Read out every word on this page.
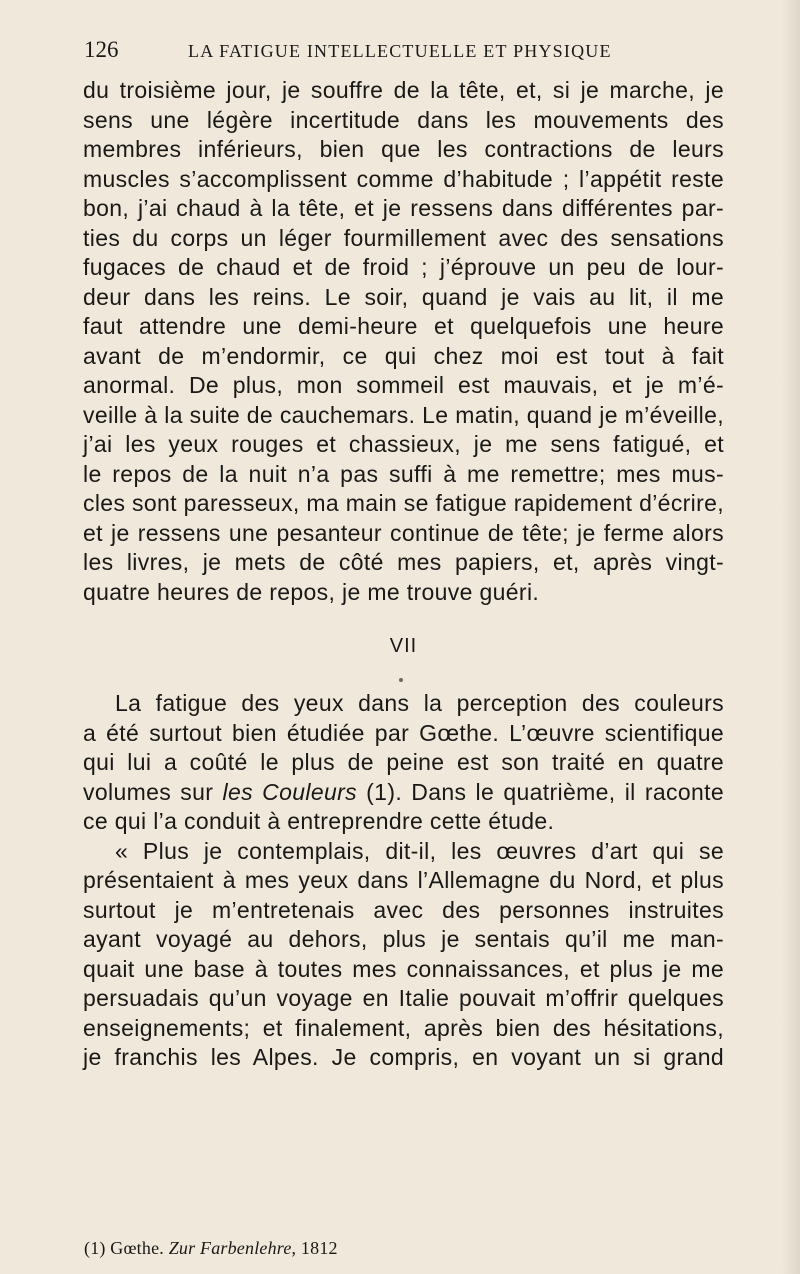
126	LA FATIGUE INTELLECTUELLE ET PHYSIQUE
du troisième jour, je souffre de la tête, et, si je marche, je
sens une légère incertitude dans les mouvements des
membres inférieurs, bien que les contractions de leurs
muscles s’accomplissent comme d’habitude ; l’appétit reste
bon, j’ai chaud à la tête, et je ressens dans différentes par-
ties du corps un léger fourmillement avec des sensations
fugaces de chaud et de froid ; j’éprouve un peu de lour-
deur dans les reins. Le soir, quand je vais au lit, il me
faut attendre une demi-heure et quelquefois une heure
avant de m’endormir, ce qui chez moi est tout à fait
anormal. De plus, mon sommeil est mauvais, et je m’é-
veille à la suite de cauchemars. Le matin, quand je m’éveille,
j’ai les yeux rouges et chassieux, je me sens fatigué, et
le repos de la nuit n’a pas suffi à me remettre; mes mus-
cles sont paresseux, ma main se fatigue rapidement d’écrire,
et je ressens une pesanteur continue de tête; je ferme alors
les livres, je mets de côté mes papiers, et, après vingt-
quatre heures de repos, je me trouve guéri.
VII
La fatigue des yeux dans la perception des couleurs
a été surtout bien étudiée par Gœthe. L’œuvre scientifique
qui lui a coûté le plus de peine est son traité en quatre
volumes sur les Couleurs (1). Dans le quatrième, il raconte
ce qui l’a conduit à entreprendre cette étude.
« Plus je contemplais, dit-il, les œuvres d’art qui se
présentaient à mes yeux dans l’Allemagne du Nord, et plus
surtout je m’entretenais avec des personnes instruites
ayant voyagé au dehors, plus je sentais qu’il me man-
quait une base à toutes mes connaissances, et plus je me
persuadais qu’un voyage en Italie pouvait m’offrir quelques
enseignements; et finalement, après bien des hésitations,
je franchis les Alpes. Je compris, en voyant un si grand
(1) Gœthe. Zur Farbenlehre, 1812
